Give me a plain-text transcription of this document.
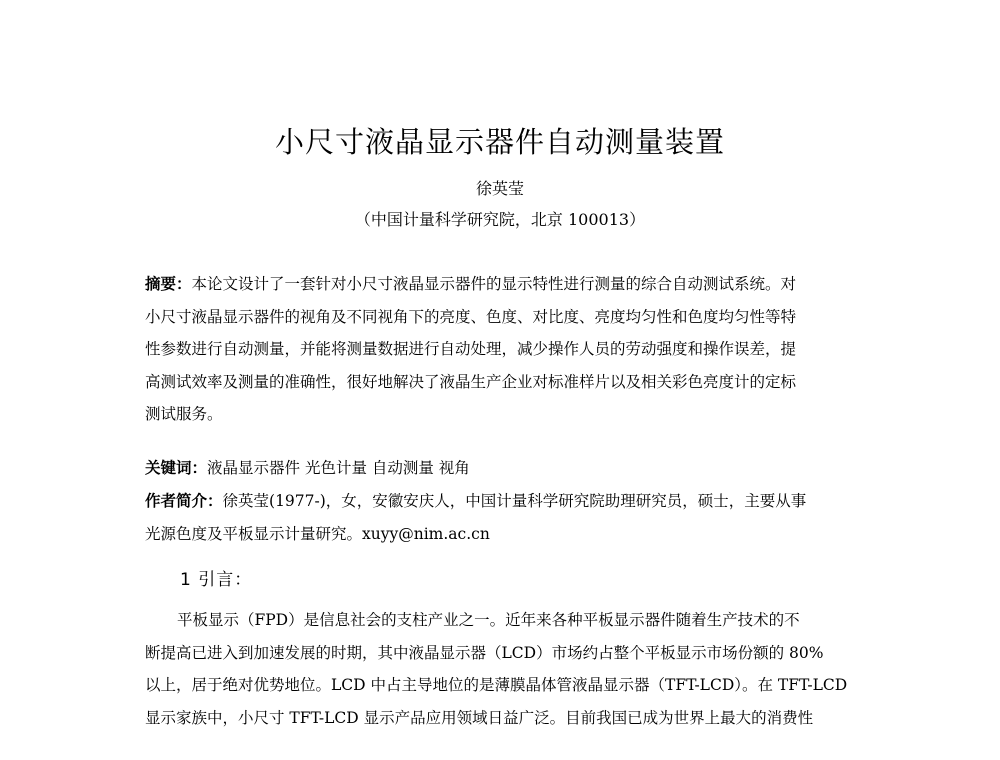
小尺寸液晶显示器件自动测量装置
徐英莹
（中国计量科学研究院，北京 100013）
摘要：本论文设计了一套针对小尺寸液晶显示器件的显示特性进行测量的综合自动测试系统。对
小尺寸液晶显示器件的视角及不同视角下的亮度、色度、对比度、亮度均匀性和色度均匀性等特
性参数进行自动测量，并能将测量数据进行自动处理，减少操作人员的劳动强度和操作误差，提
高测试效率及测量的准确性，很好地解决了液晶生产企业对标准样片以及相关彩色亮度计的定标
测试服务。
关键词：液晶显示器件 光色计量 自动测量 视角
作者简介：徐英莹(1977-)，女，安徽安庆人，中国计量科学研究院助理研究员，硕士，主要从事
光源色度及平板显示计量研究。xuyy@nim.ac.cn
1 引言：
平板显示（FPD）是信息社会的支柱产业之一。近年来各种平板显示器件随着生产技术的不
断提高已进入到加速发展的时期，其中液晶显示器（LCD）市场约占整个平板显示市场份额的 80%
以上，居于绝对优势地位。LCD 中占主导地位的是薄膜晶体管液晶显示器（TFT-LCD）。在 TFT-LCD
显示家族中，小尺寸 TFT-LCD 显示产品应用领域日益广泛。目前我国已成为世界上最大的消费性
